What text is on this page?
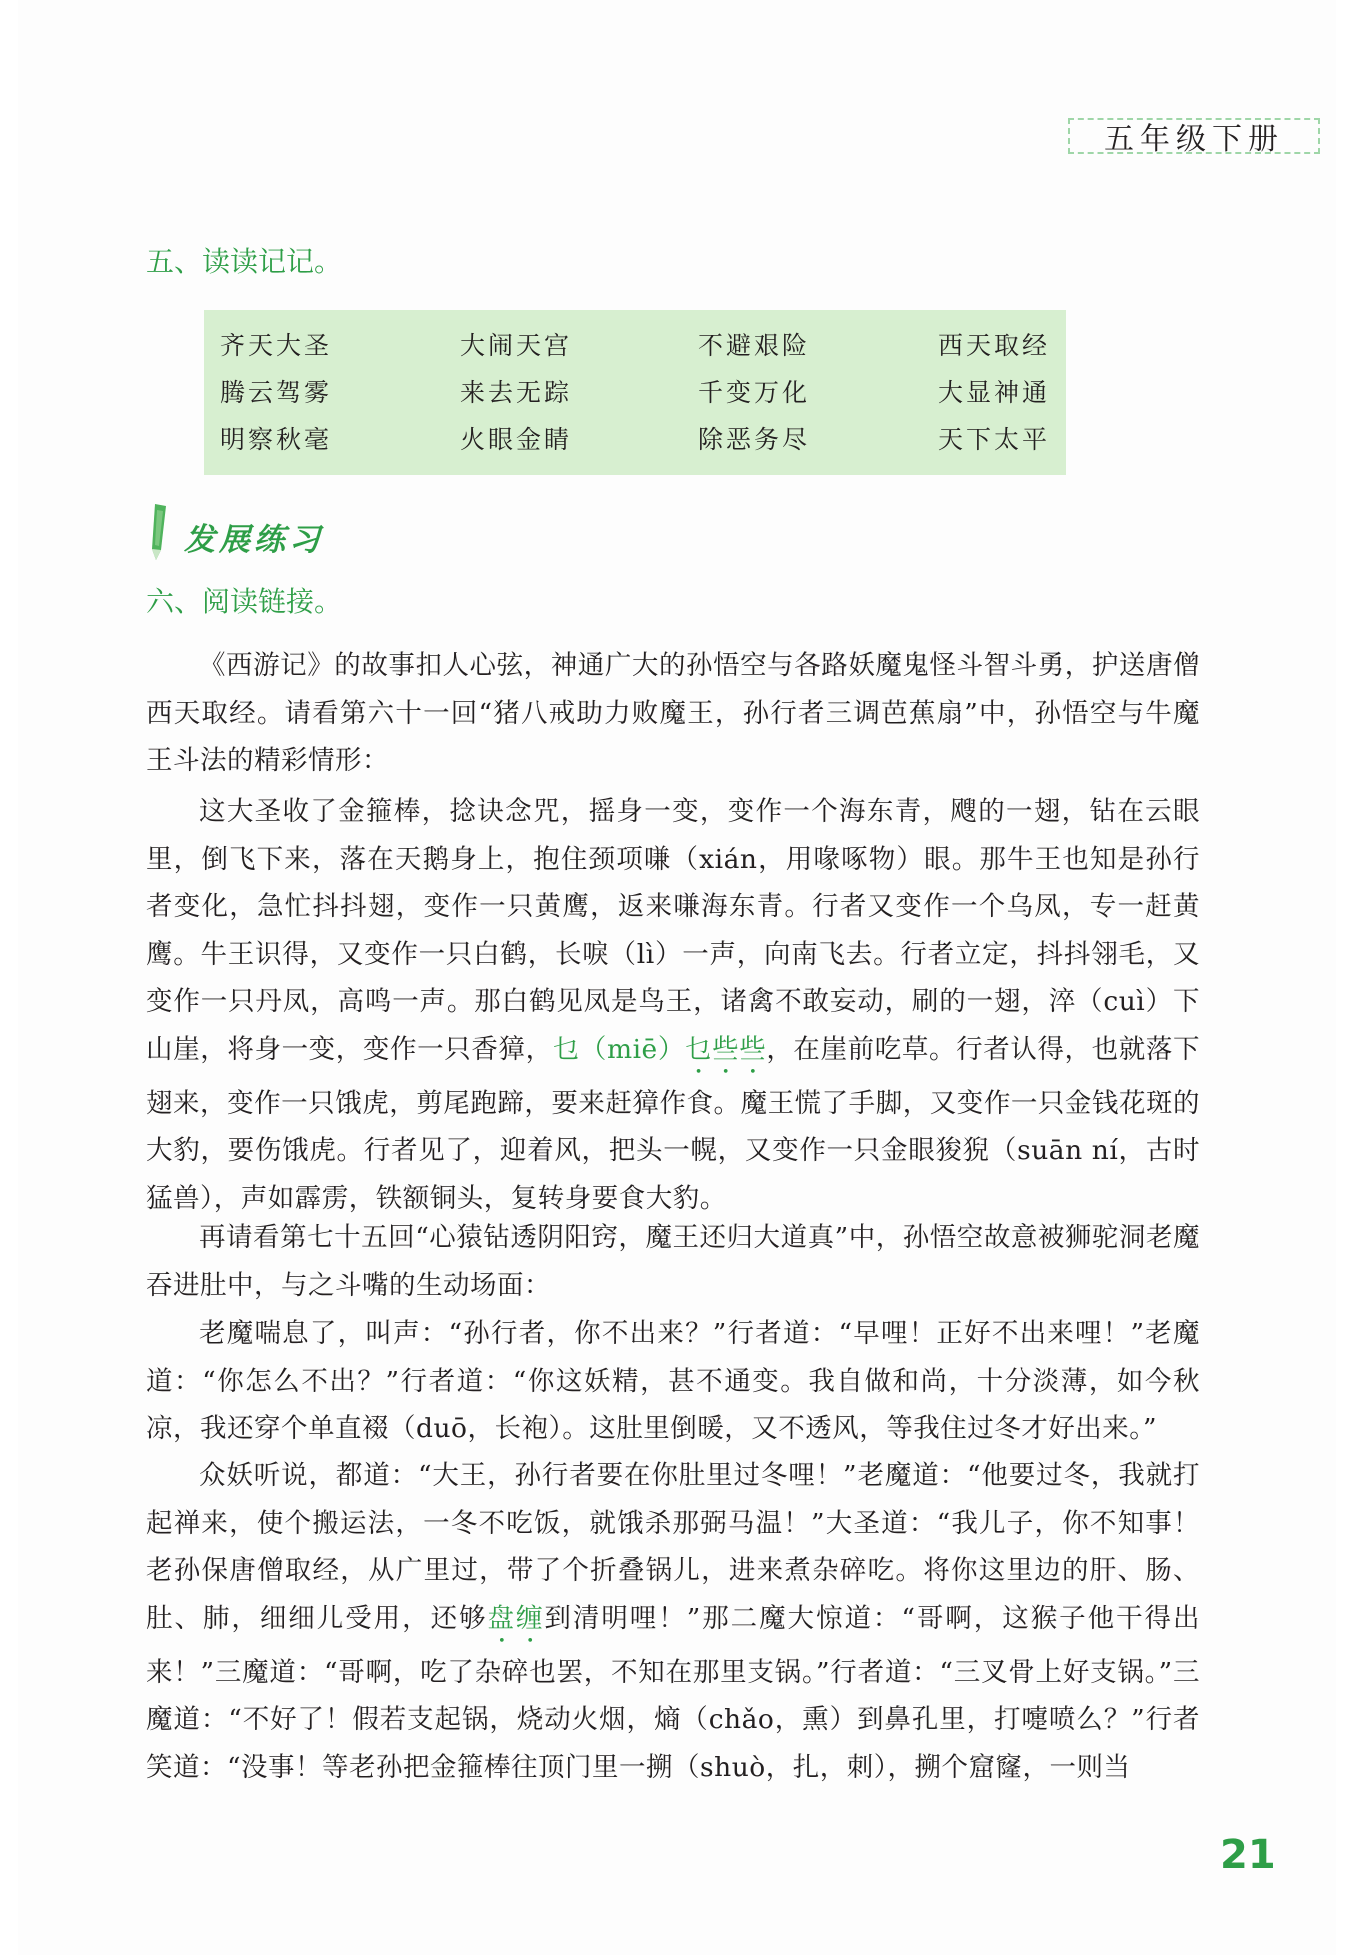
五年级下册
五、读读记记。
齐天大圣	大闹天宫	不避艰险	西天取经
腾云驾雾	来去无踪	千变万化	大显神通
明察秋毫	火眼金睛	除恶务尽	天下太平
发展练习
六、阅读链接。

《西游记》的故事扣人心弦，神通广大的孙悟空与各路妖魔鬼怪斗智斗勇，护送唐僧西天取经。请看第六十一回“猪八戒助力败魔王，孙行者三调芭蕉扇”中，孙悟空与牛魔王斗法的精彩情形：

这大圣收了金箍棒，捻诀念咒，摇身一变，变作一个海东青，飕的一翅，钻在云眼里，倒飞下来，落在天鹅身上，抱住颈项嗛（xián，用喙啄物）眼。那牛王也知是孙行者变化，急忙抖抖翅，变作一只黄鹰，返来嗛海东青。行者又变作一个乌凤，专一赶黄鹰。牛王识得，又变作一只白鹤，长唳（lì）一声，向南飞去。行者立定，抖抖翎毛，又变作一只丹凤，高鸣一声。那白鹤见凤是鸟王，诸禽不敢妄动，刷的一翅，淬（cuì）下山崖，将身一变，变作一只香獐，乜（miē）乜些些，在崖前吃草。行者认得，也就落下翅来，变作一只饿虎，剪尾跑蹄，要来赶獐作食。魔王慌了手脚，又变作一只金钱花斑的大豹，要伤饿虎。行者见了，迎着风，把头一幌，又变作一只金眼狻猊（suān ní，古时猛兽），声如霹雳，铁额铜头，复转身要食大豹。

再请看第七十五回“心猿钻透阴阳窍，魔王还归大道真”中，孙悟空故意被狮驼洞老魔吞进肚中，与之斗嘴的生动场面：

老魔喘息了，叫声：“孙行者，你不出来？”行者道：“早哩！正好不出来哩！”老魔道：“你怎么不出？”行者道：“你这妖精，甚不通变。我自做和尚，十分淡薄，如今秋凉，我还穿个单直裰（duō，长袍）。这肚里倒暖，又不透风，等我住过冬才好出来。”

众妖听说，都道：“大王，孙行者要在你肚里过冬哩！”老魔道：“他要过冬，我就打起禅来，使个搬运法，一冬不吃饭，就饿杀那弼马温！”大圣道：“我儿子，你不知事！老孙保唐僧取经，从广里过，带了个折叠锅儿，进来煮杂碎吃。将你这里边的肝、肠、肚、肺，细细儿受用，还够盘缠到清明哩！”那二魔大惊道：“哥啊，这猴子他干得出来！”三魔道：“哥啊，吃了杂碎也罢，不知在那里支锅。”行者道：“三叉骨上好支锅。”三魔道：“不好了！假若支起锅，烧动火烟，熵（chǎo，熏）到鼻孔里，打嚏喷么？”行者笑道：“没事！等老孙把金箍棒往顶门里一搠（shuò，扎，刺），搠个窟窿，一则当

21
